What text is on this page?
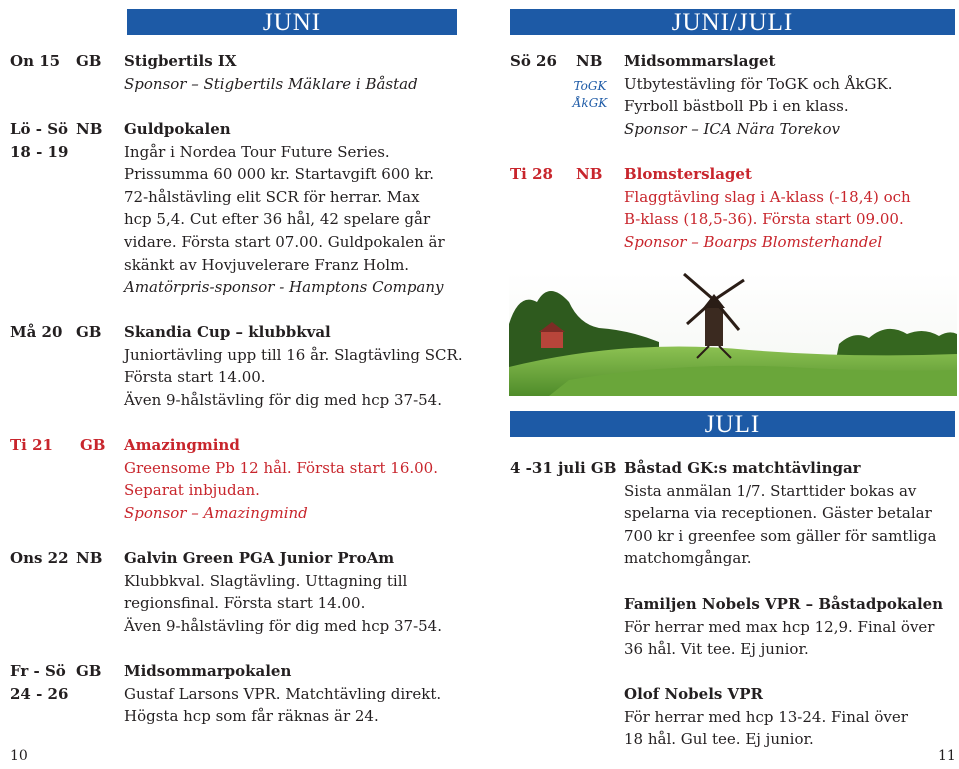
JUNI
On 15 GB Stigbertils IX
Sponsor – Stigbertils Mäklare i Båstad
Lö - Sö
18 - 19
NB Guldpokalen
Ingår i Nordea Tour Future Series.
Prissumma 60 000 kr. Startavgift 600 kr.
72-hålstävling elit SCR för herrar. Max
hcp 5,4. Cut efter 36 hål, 42 spelare går
vidare. Första start 07.00. Guldpokalen är
skänkt av Hovjuvelerare Franz Holm.
Amatörpris-sponsor - Hamptons Company
Må 20 GB Skandia Cup – klubbkval
Juniortävling upp till 16 år. Slagtävling SCR.
Första start 14.00.
Även 9-hålstävling för dig med hcp 37-54.
Ti 21 GB Amazingmind
Greensome Pb 12 hål. Första start 16.00.
Separat inbjudan.
Sponsor – Amazingmind
Ons 22 NB Galvin Green PGA Junior ProAm
Klubbkval. Slagtävling. Uttagning till
regionsfinal. Första start 14.00.
Även 9-hålstävling för dig med hcp 37-54.
Fr - Sö
24 - 26
GB Midsommarpokalen
Gustaf Larsons VPR. Matchtävling direkt.
Högsta hcp som får räknas är 24.
10
JUNI/JULI
Sö 26 NB
ToGK
ÅkGK
Midsommarslaget
Utbytestävling för ToGK och ÅkGK.
Fyrboll bästboll Pb i en klass.
Sponsor – ICA Nära Torekov
Ti 28 NB Blomsterslaget
Flaggtävling slag i A-klass (-18,4) och
B-klass (18,5-36). Första start 09.00.
Sponsor – Boarps Blomsterhandel
JULI
4 -31 juli GB Båstad GK:s matchtävlingar
Sista anmälan 1/7. Starttider bokas av
spelarna via receptionen. Gäster betalar
700 kr i greenfee som gäller för samtliga
matchomgångar.
Familjen Nobels VPR – Båstadpokalen
För herrar med max hcp 12,9. Final över
36 hål. Vit tee. Ej junior.
Olof Nobels VPR
För herrar med hcp 13-24. Final över
18 hål. Gul tee. Ej junior.
11
